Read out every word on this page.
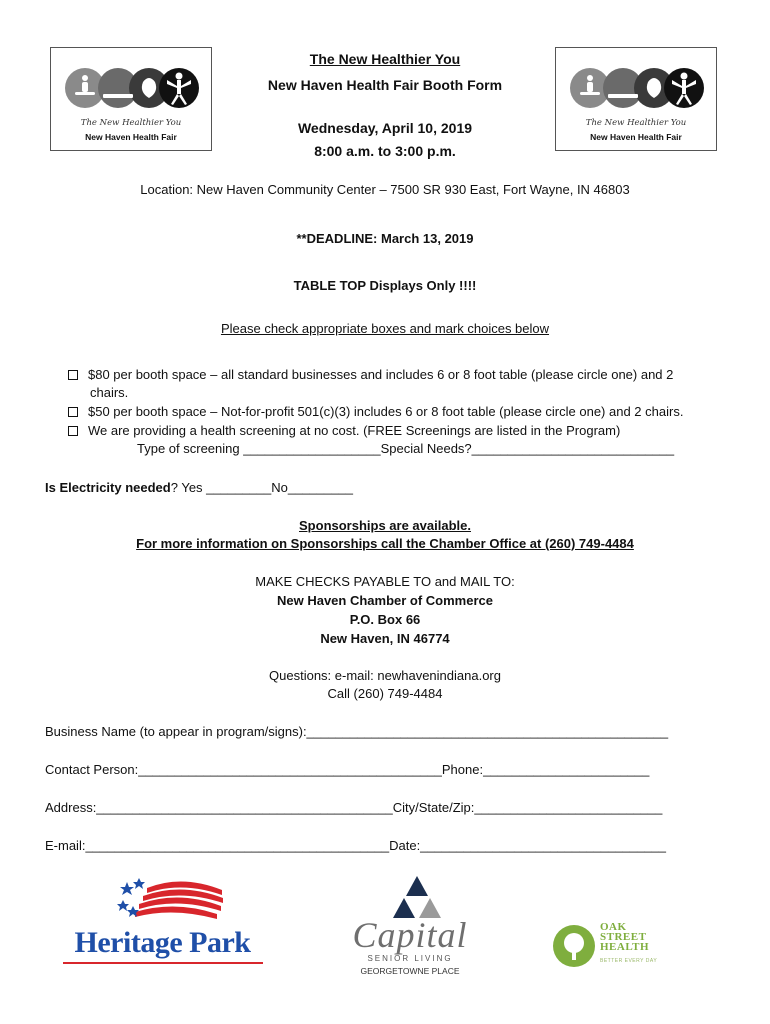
The New Healthier You
New Haven Health Fair
The New Healthier You
New Haven Health Fair
The New Healthier You
New Haven Health Fair Booth Form
Wednesday, April 10, 2019
8:00 a.m. to 3:00 p.m.
Location: New Haven Community Center – 7500 SR 930 East, Fort Wayne, IN 46803
**DEADLINE: March 13, 2019
TABLE TOP Displays Only !!!!
Please check appropriate boxes and mark choices below
$80 per booth space – all standard businesses and includes 6 or 8 foot table (please circle one) and 2
chairs.
$50 per booth space – Not-for-profit 501(c)(3) includes 6 or 8 foot table (please circle one) and 2 chairs.
We are providing a health screening at no cost. (FREE Screenings are listed in the Program)
Type of screening ___________________Special Needs?____________________________
Is Electricity needed? Yes _________No_________
Sponsorships are available.
For more information on Sponsorships call the Chamber Office at (260) 749-4484
MAKE CHECKS PAYABLE TO and MAIL TO:
New Haven Chamber of Commerce
P.O. Box 66
New Haven, IN 46774
Questions: e-mail: newhavenindiana.org
Call (260) 749-4484
Business Name (to appear in program/signs):__________________________________________________
Contact Person:__________________________________________Phone:_______________________
Address:_________________________________________City/State/Zip:__________________________
E-mail:__________________________________________Date:__________________________________
Heritage Park	Capital
SENIOR LIVING
GEORGETOWNE PLACE
OAK
STREET
HEALTH
BETTER EVERY DAY
